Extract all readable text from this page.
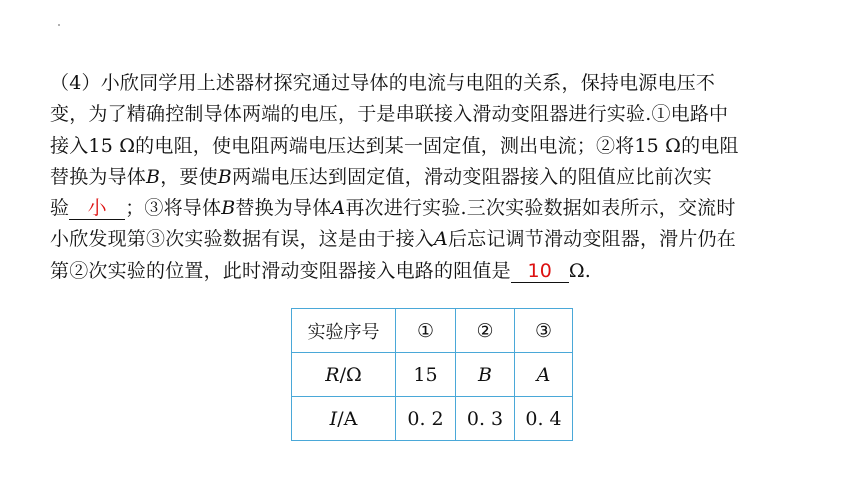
（4）小欣同学用上述器材探究通过导体的电流与电阻的关系，保持电源电压不
变，为了精确控制导体两端的电压，于是串联接入滑动变阻器进行实验.①电路中
接入15 Ω的电阻，使电阻两端电压达到某一固定值，测出电流；②将15 Ω的电阻
替换为导体B，要使B两端电压达到固定值，滑动变阻器接入的阻值应比前次实
验 小 ；③将导体B替换为导体A再次进行实验.三次实验数据如表所示，交流时
小欣发现第③次实验数据有误，这是由于接入A后忘记调节滑动变阻器，滑片仍在
第②次实验的位置，此时滑动变阻器接入电路的阻值是 10 Ω.
实验序号	①	②	③
R/Ω	15	B	A
I/A	0. 2	0. 3	0. 4
